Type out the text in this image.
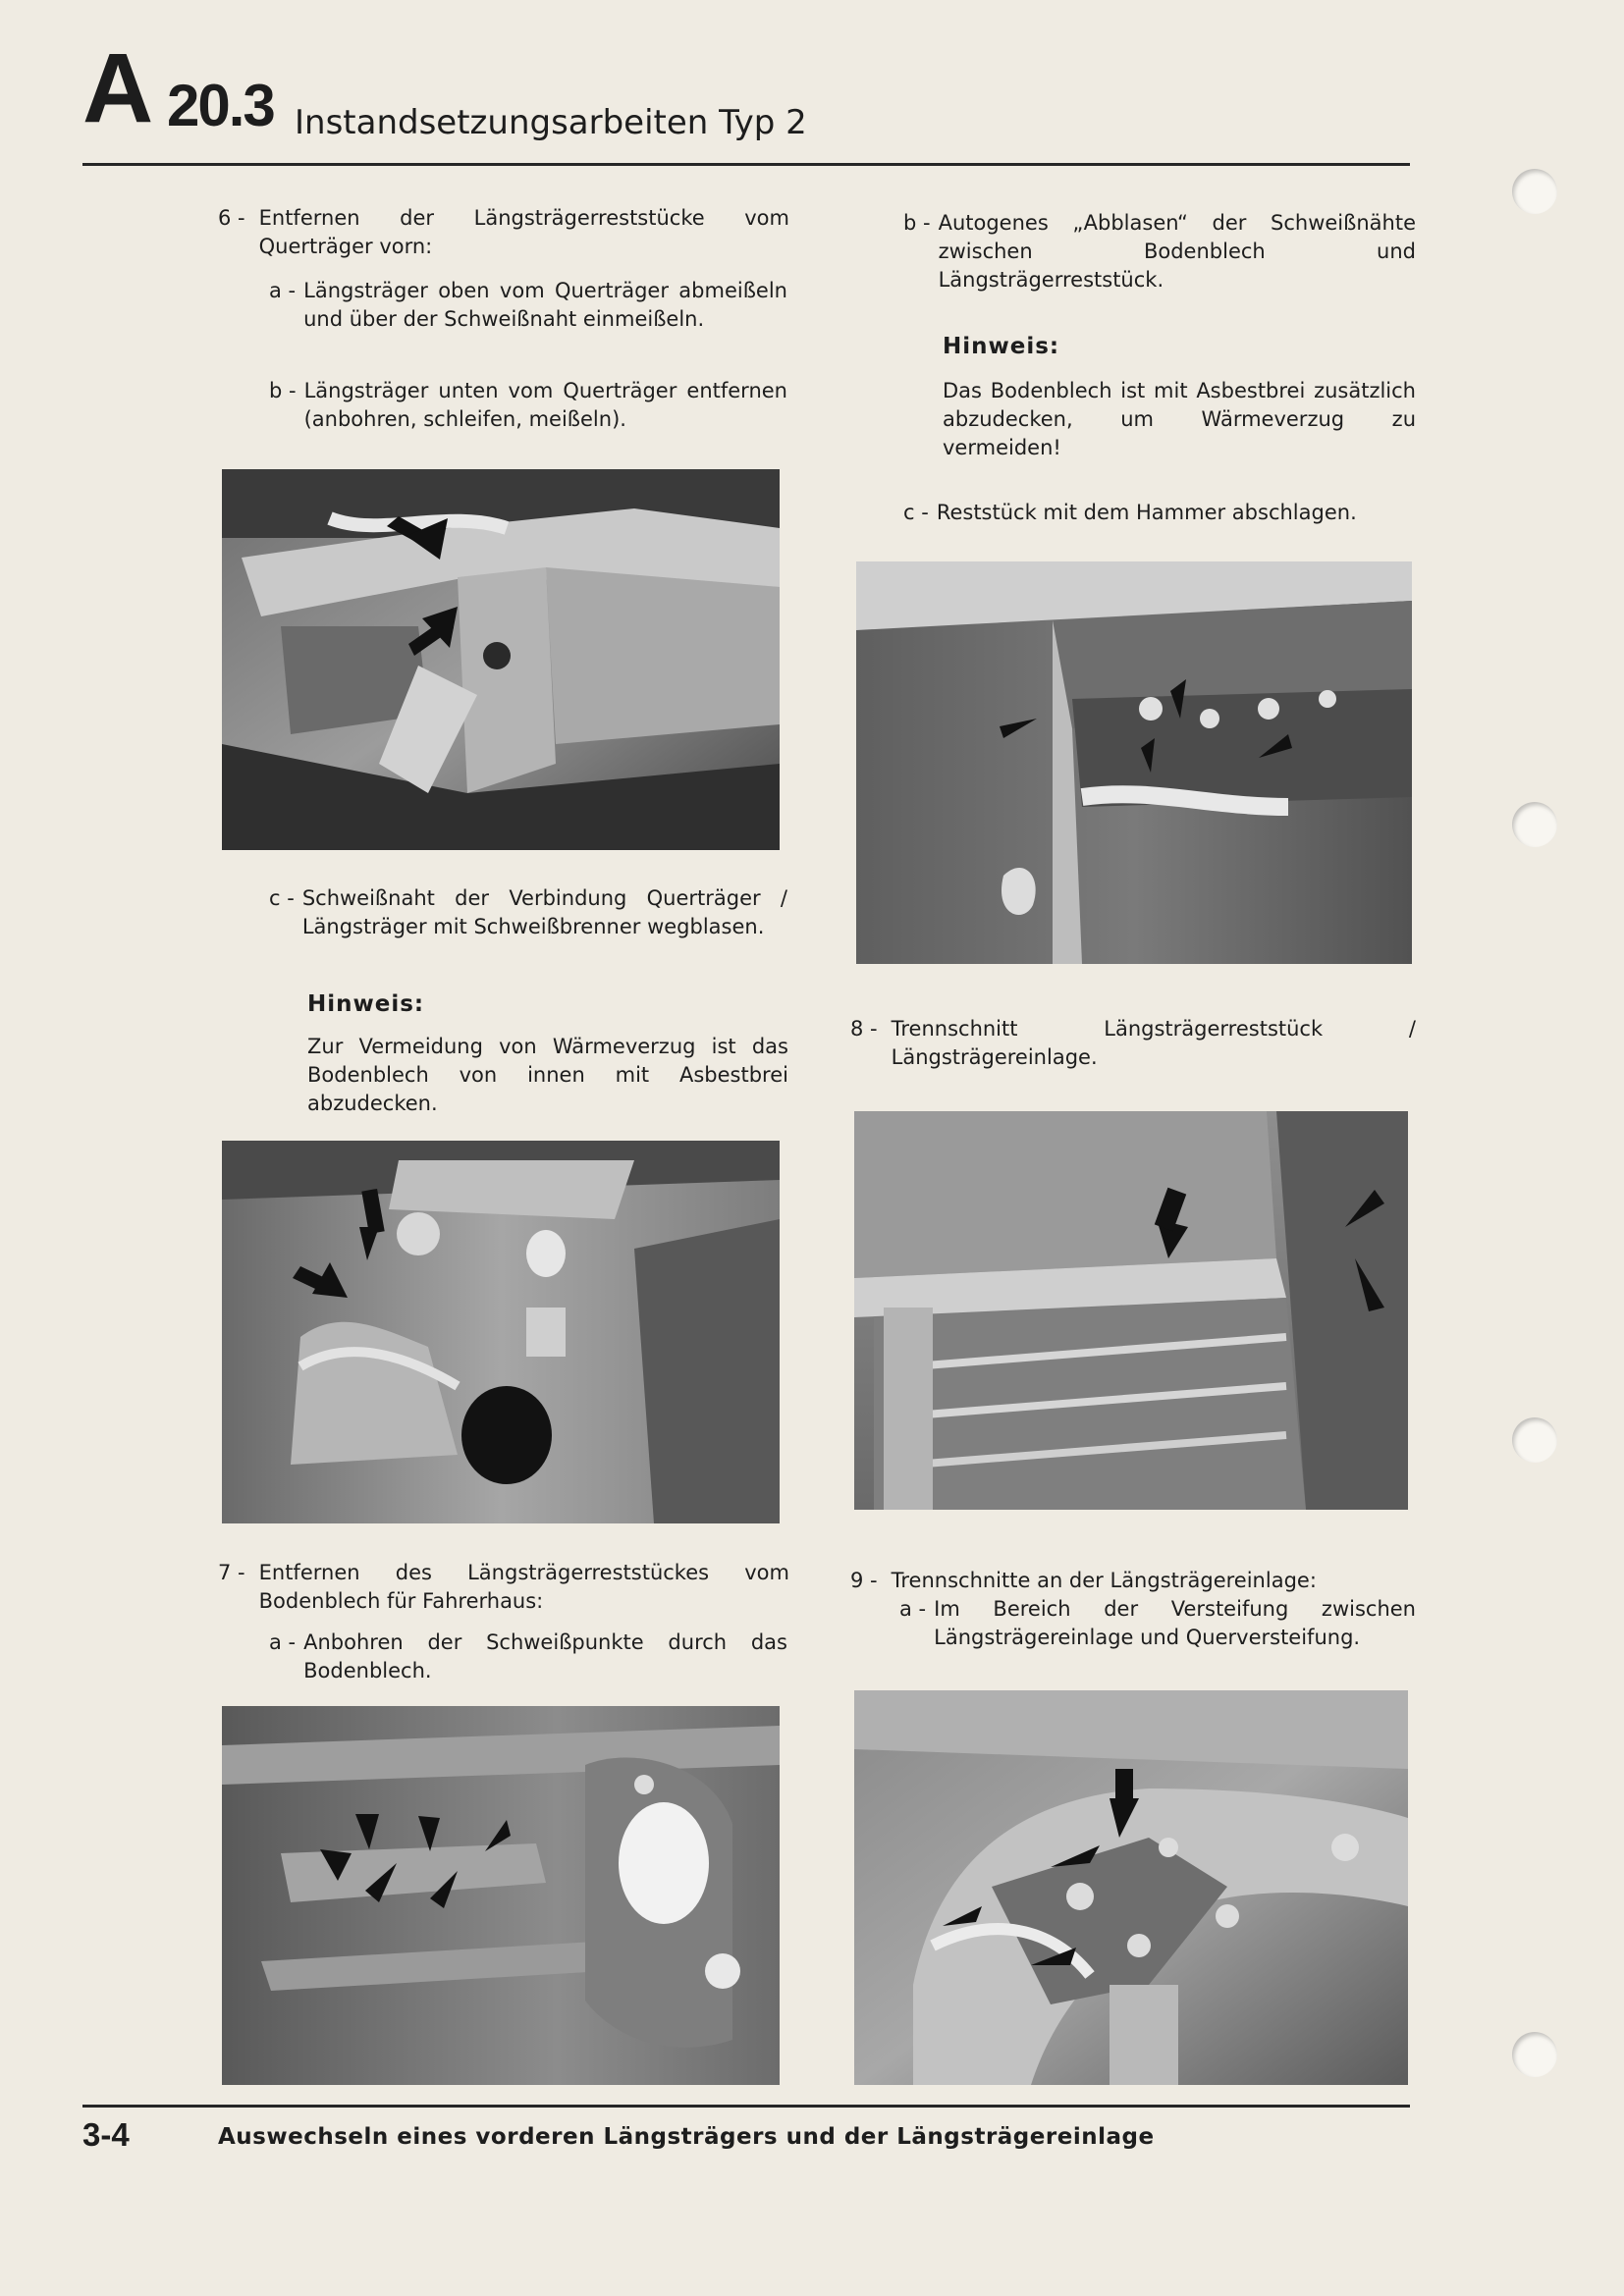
A 20.3 Instandsetzungsarbeiten Typ 2
6 - Entfernen der Längsträgerreststücke vom Querträger vorn:
a - Längsträger oben vom Querträger abmeißeln und über der Schweißnaht einmeißeln.
b - Längsträger unten vom Querträger entfernen (anbohren, schleifen, meißeln).
c - Schweißnaht der Verbindung Querträger / Längsträger mit Schweißbrenner wegblasen.
Hinweis:
Zur Vermeidung von Wärmeverzug ist das Bodenblech von innen mit Asbestbrei abzudecken.
7 - Entfernen des Längsträgerreststückes vom Bodenblech für Fahrerhaus:
a - Anbohren der Schweißpunkte durch das Bodenblech.
b - Autogenes „Abblasen“ der Schweißnähte zwischen Bodenblech und Längsträgerreststück.
Hinweis:
Das Bodenblech ist mit Asbestbrei zusätzlich abzudecken, um Wärmeverzug zu vermeiden!
c - Reststück mit dem Hammer abschlagen.
8 - Trennschnitt Längsträgerreststück / Längsträgereinlage.
9 - Trennschnitte an der Längsträgereinlage:
a - Im Bereich der Versteifung zwischen Längsträgereinlage und Querversteifung.
3-4	Auswechseln eines vorderen Längsträgers und der Längsträgereinlage
